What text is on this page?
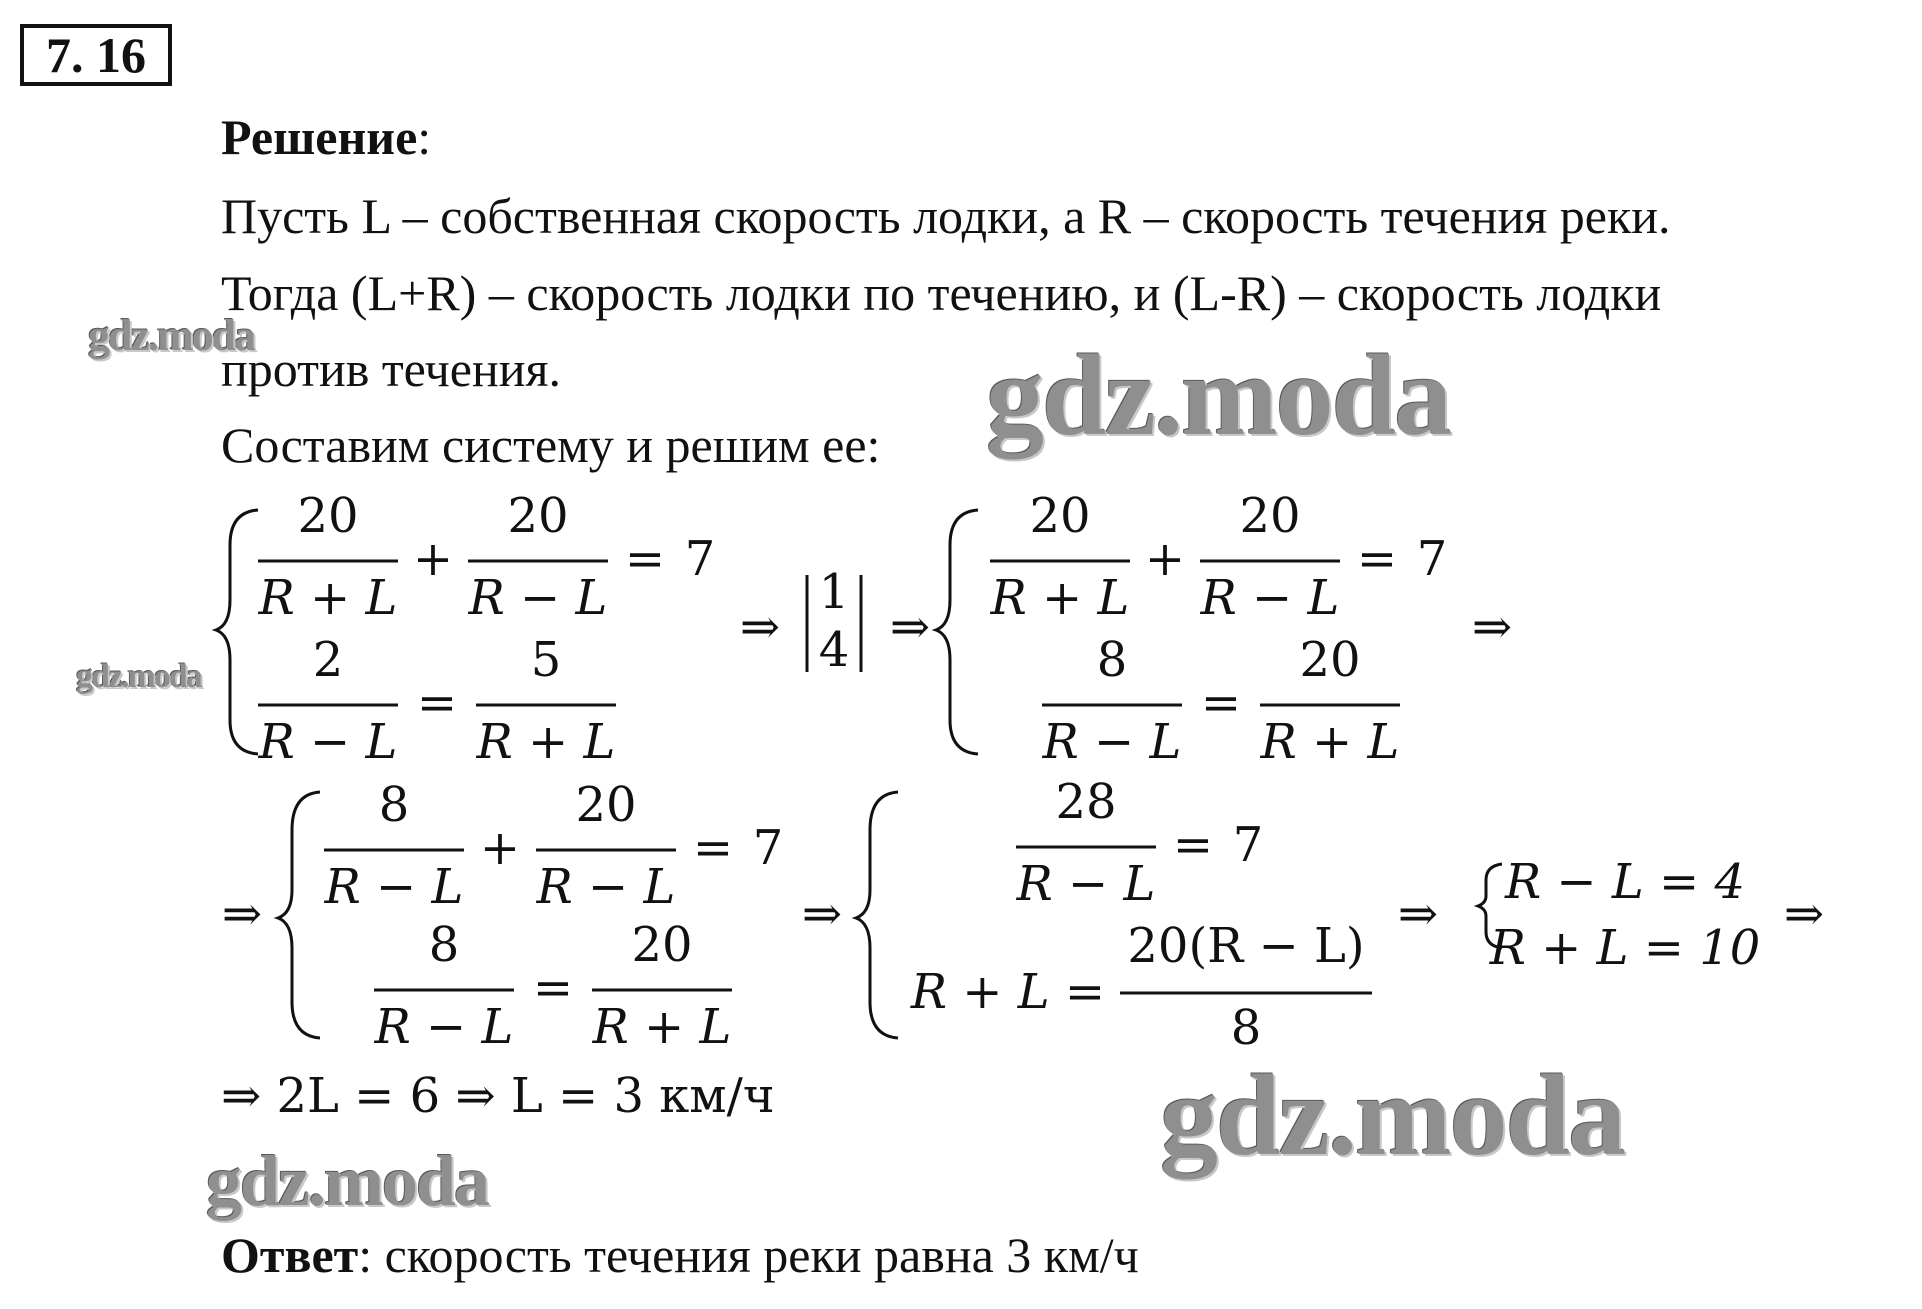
7. 16
Решение:
Пусть L – собственная скорость лодки, а R – скорость течения реки.
Тогда (L+R) – скорость лодки по течению, и (L-R) – скорость лодки
против течения.
Составим систему и решим ее:
20
R + L
+
20
R − L
= 7
2
R − L
=
5
R + L
⇒
1
4 ⇒
20
R + L
+
20
R − L
= 7
8
R − L
=
20
R + L
⇒
⇒
8
R − L
+
20
R − L
= 7
8
R − L
=
20
R + L
⇒
28
R − L
= 7
R + L =
20(R − L)
8
⇒
R − L = 4
R + L = 10
⇒
⇒ 2L = 6 ⇒ L = 3 км/ч
Ответ: скорость течения реки равна 3 км/ч
gdz.moda	gdz.moda
gdz.moda
gdz.moda
gdz.moda
